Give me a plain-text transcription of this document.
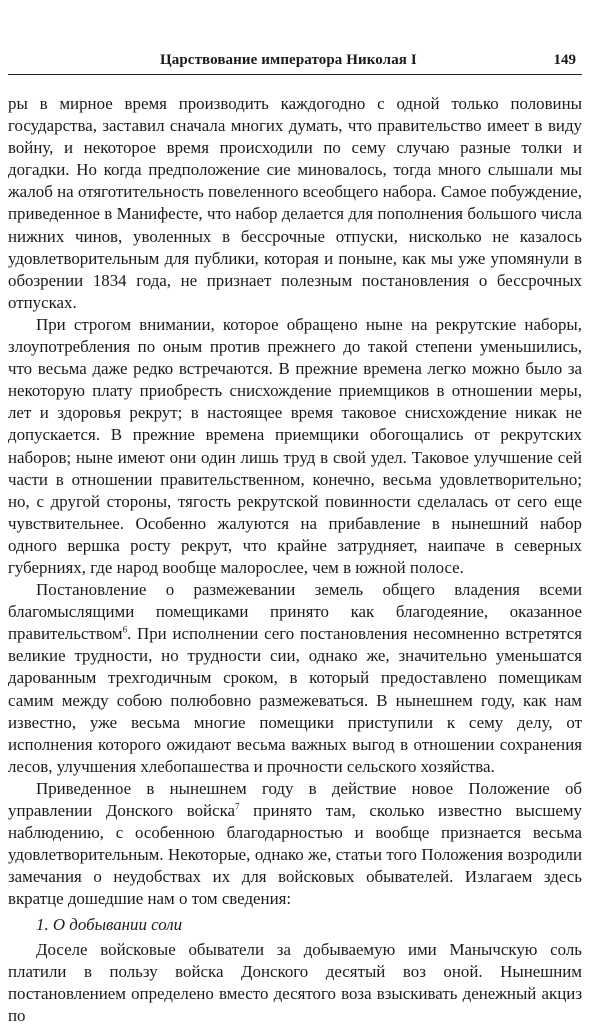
Царствование императора Николая I	149

ры в мирное время производить каждогодно с одной только половины государства, заставил сначала многих думать, что правительство имеет в виду войну, и некоторое время происходили по сему случаю разные толки и догадки. Но когда предположение сие миновалось, тогда много слышали мы жалоб на отяготительность повеленного всеобщего набора. Самое побуждение, приведенное в Манифесте, что набор делается для пополнения большого числа нижних чинов, уволенных в бессрочные отпуски, нисколько не казалось удовлетворительным для публики, которая и поныне, как мы уже упомянули в обозрении 1834 года, не признает полезным постановления о бессрочных отпусках.

При строгом внимании, которое обращено ныне на рекрутские наборы, злоупотребления по оным против прежнего до такой степени уменьшились, что весьма даже редко встречаются. В прежние времена легко можно было за некоторую плату приобресть снисхождение приемщиков в отношении меры, лет и здоровья рекрут; в настоящее время таковое снисхождение никак не допускается. В прежние времена приемщики обогощались от рекрутских наборов; ныне имеют они один лишь труд в свой удел. Таковое улучшение сей части в отношении правительственном, конечно, весьма удовлетворительно; но, с другой стороны, тягость рекрутской повинности сделалась от сего еще чувствительнее. Особенно жалуются на прибавление в нынешний набор одного вершка росту рекрут, что крайне затрудняет, наипаче в северных губерниях, где народ вообще малорослее, чем в южной полосе.

Постановление о размежевании земель общего владения всеми благомыслящими помещиками принято как благодеяние, оказанное правительством$^6$. При исполнении сего постановления несомненно встретятся великие трудности, но трудности сии, однако же, значительно уменьшатся дарованным трехгодичным сроком, в который предоставлено помещикам самим между собою полюбовно размежеваться. В нынешнем году, как нам известно, уже весьма многие помещики приступили к сему делу, от исполнения которого ожидают весьма важных выгод в отношении сохранения лесов, улучшения хлебопашества и прочности сельского хозяйства.

Приведенное в нынешнем году в действие новое Положение об управлении Донского войска$^7$ принято там, сколько известно высшему наблюдению, с особенною благодарностью и вообще признается весьма удовлетворительным. Некоторые, однако же, статьи того Положения возродили замечания о неудобствах их для войсковых обывателей. Излагаем здесь вкратце дошедшие нам о том сведения:

1. О добывании соли

Доселе войсковые обыватели за добываемую ими Манычскую соль платили в пользу войска Донского десятый воз оной. Нынешним постановлением определено вместо десятого воза взыскивать денежный акциз по
